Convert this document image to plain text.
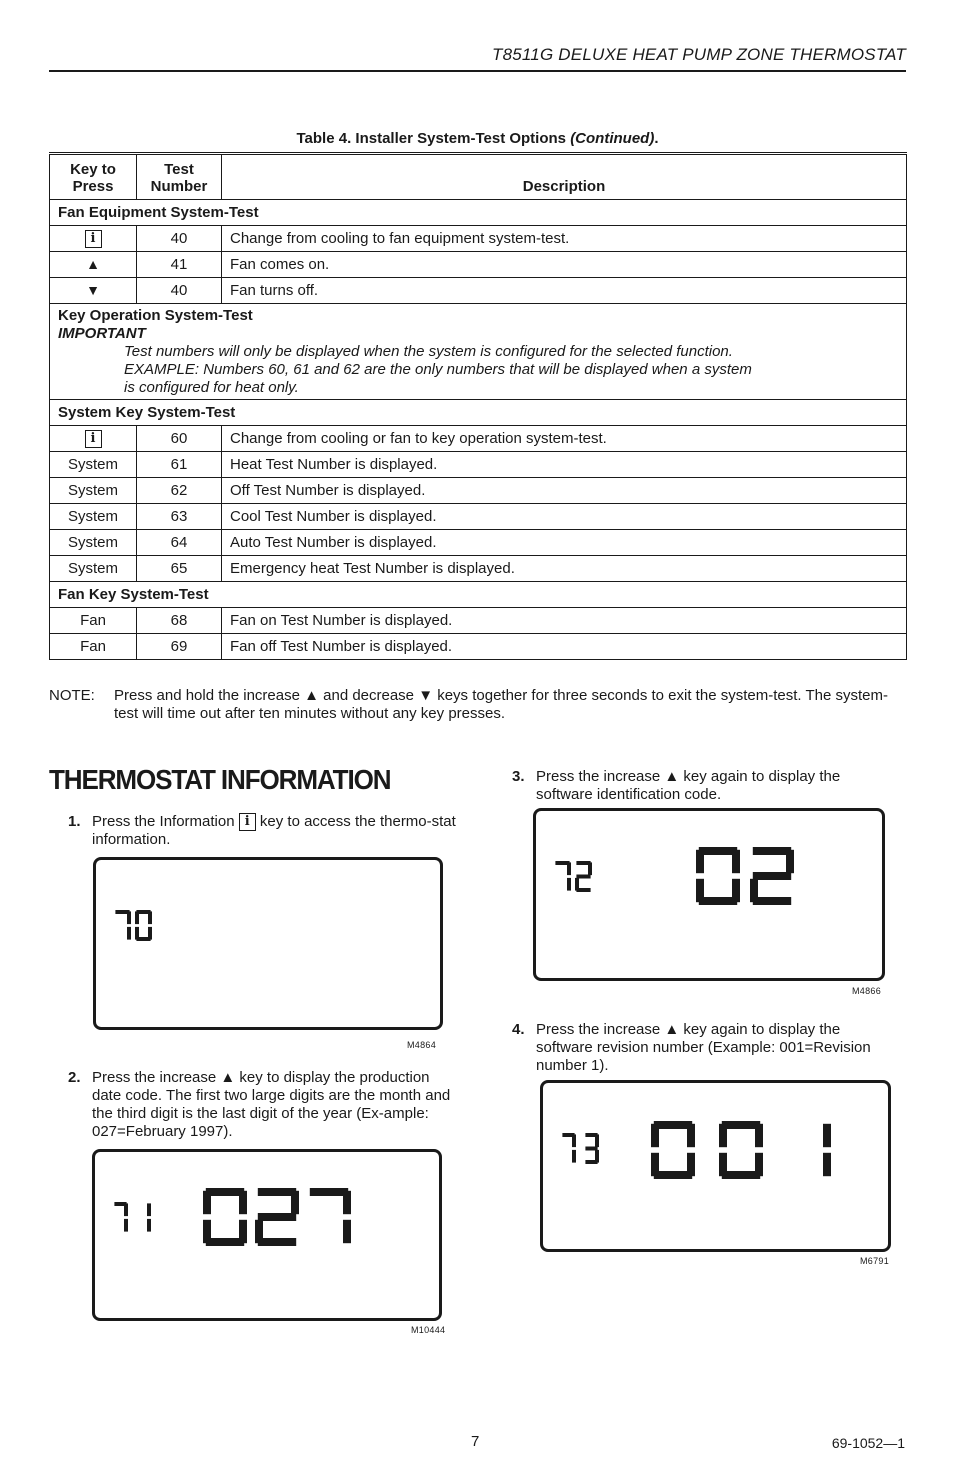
T8511G DELUXE HEAT PUMP ZONE THERMOSTAT
Table 4. Installer System-Test Options (Continued).
Key to Press	Test Number	Description
Fan Equipment System-Test		
i	40	Change from cooling to fan equipment system-test.
▲	41	Fan comes on.
▼	40	Fan turns off.

Key Operation System-Test
IMPORTANT
Test numbers will only be displayed when the system is configured for the selected function.
EXAMPLE: Numbers 60, 61 and 62 are the only numbers that will be displayed when a system
is configured for heat only.		

System Key System-Test		
i	60	Change from cooling or fan to key operation system-test.
System	61	Heat Test Number is displayed.
System	62	Off Test Number is displayed.
System	63	Cool Test Number is displayed.
System	64	Auto Test Number is displayed.
System	65	Emergency heat Test Number is displayed.
Fan Key System-Test		
Fan	68	Fan on Test Number is displayed.
Fan	69	Fan off Test Number is displayed.
NOTE: Press and hold the increase ▲ and decrease ▼ keys together for three seconds to exit the system-test. The system-test will time out after ten minutes without any key presses.
THERMOSTAT INFORMATION
1. Press the Information i key to access the thermo-stat information.
M4864
2. Press the increase ▲ key to display the production date code. The first two large digits are the month and the third digit is the last digit of the year (Ex-ample: 027=February 1997).
M10444
3. Press the increase ▲ key again to display the software identification code.
M4866
4. Press the increase ▲ key again to display the software revision number (Example: 001=Revision number 1).
M6791
7	69-1052—1
